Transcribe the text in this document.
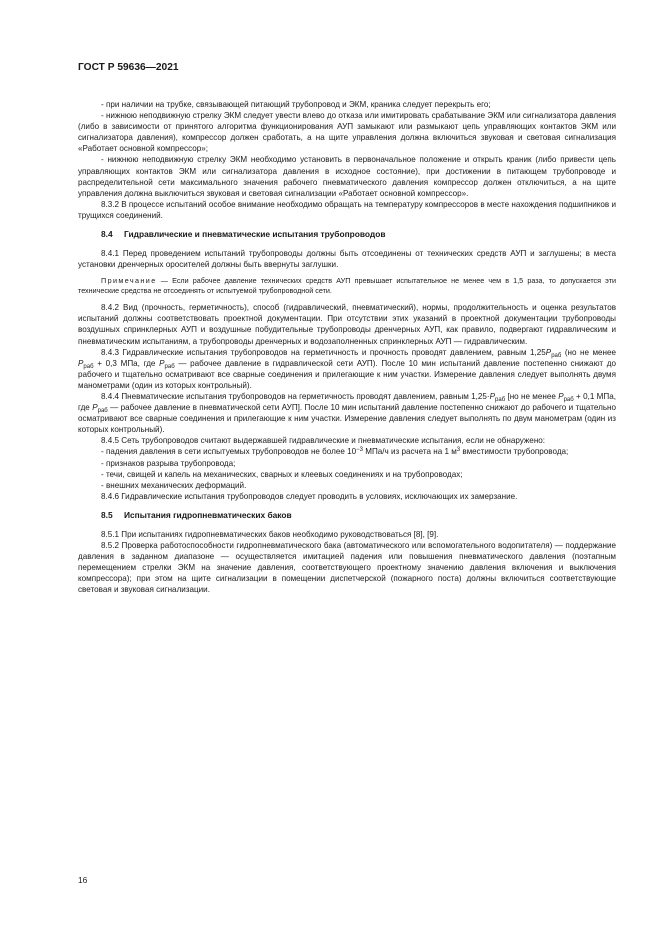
ГОСТ Р 59636—2021

- при наличии на трубке, связывающей питающий трубопровод и ЭКМ, краника следует перекрыть его;

- нижнюю неподвижную стрелку ЭКМ следует увести влево до отказа или имитировать срабатывание ЭКМ или сигнализатора давления (либо в зависимости от принятого алгоритма функционирования АУП замыкают или размыкают цепь управляющих контактов ЭКМ или сигнализатора давления), компрессор должен сработать, а на щите управления должна включиться звуковая и световая сигнализация «Работает основной компрессор»;

- нижнюю неподвижную стрелку ЭКМ необходимо установить в первоначальное положение и открыть краник (либо привести цепь управляющих контактов ЭКМ или сигнализатора давления в исходное состояние), при достижении в питающем трубопроводе и распределительной сети максимального значения рабочего пневматического давления компрессор должен отключиться, а на щите управления должна выключиться звуковая и световая сигнализации «Работает основной компрессор».

8.3.2 В процессе испытаний особое внимание необходимо обращать на температуру компрессоров в месте нахождения подшипников и трущихся соединений.

8.4 Гидравлические и пневматические испытания трубопроводов

8.4.1 Перед проведением испытаний трубопроводы должны быть отсоединены от технических средств АУП и заглушены; в места установки дренчерных оросителей должны быть ввернуты заглушки.

Примечание — Если рабочее давление технических средств АУП превышает испытательное не менее чем в 1,5 раза, то допускается эти технические средства не отсоединять от испытуемой трубопроводной сети.

8.4.2 Вид (прочность, герметичность), способ (гидравлический, пневматический), нормы, продолжительность и оценка результатов испытаний должны соответствовать проектной документации. При отсутствии этих указаний в проектной документации трубопроводы воздушных спринклерных АУП и воздушные побудительные трубопроводы дренчерных АУП, как правило, подвергают гидравлическим и пневматическим испытаниям, а трубопроводы дренчерных и водозаполненных спринклерных АУП — гидравлическим.

8.4.3 Гидравлические испытания трубопроводов на герметичность и прочность проводят давлением, равным $1,25P_{раб}$ (но не менее $P_{раб} + 0,3$ МПа, где $P_{раб}$ — рабочее давление в гидравлической сети АУП). После 10 мин испытаний давление постепенно снижают до рабочего и тщательно осматривают все сварные соединения и прилегающие к ним участки. Измерение давления следует выполнять двумя манометрами (один из которых контрольный).

8.4.4 Пневматические испытания трубопроводов на герметичность проводят давлением, равным $1,25\cdot P_{раб}$ [но не менее $P_{раб} + 0,1$ МПа, где $P_{раб}$ — рабочее давление в пневматической сети АУП]. После 10 мин испытаний давление постепенно снижают до рабочего и тщательно осматривают все сварные соединения и прилегающие к ним участки. Измерение давления следует выполнять по двум манометрам (один из которых контрольный).

8.4.5 Сеть трубопроводов считают выдержавшей гидравлические и пневматические испытания, если не обнаружено:

- падения давления в сети испытуемых трубопроводов не более $10^{-3}$ МПа/ч из расчета на 1 $м^3$ вместимости трубопровода;

- признаков разрыва трубопровода;

- течи, свищей и капель на механических, сварных и клеевых соединениях и на трубопроводах;

- внешних механических деформаций.

8.4.6 Гидравлические испытания трубопроводов следует проводить в условиях, исключающих их замерзание.

8.5 Испытания гидропневматических баков

8.5.1 При испытаниях гидропневматических баков необходимо руководствоваться [8], [9].

8.5.2 Проверка работоспособности гидропневматического бака (автоматического или вспомогательного водопитателя) — поддержание давления в заданном диапазоне — осуществляется имитацией падения или повышения пневматического давления (поэтапным перемещением стрелки ЭКМ на значение давления, соответствующего проектному значению давления включения и выключения компрессора); при этом на щите сигнализации в помещении диспетчерской (пожарного поста) должны включиться соответствующие световая и звуковая сигнализации.

16
